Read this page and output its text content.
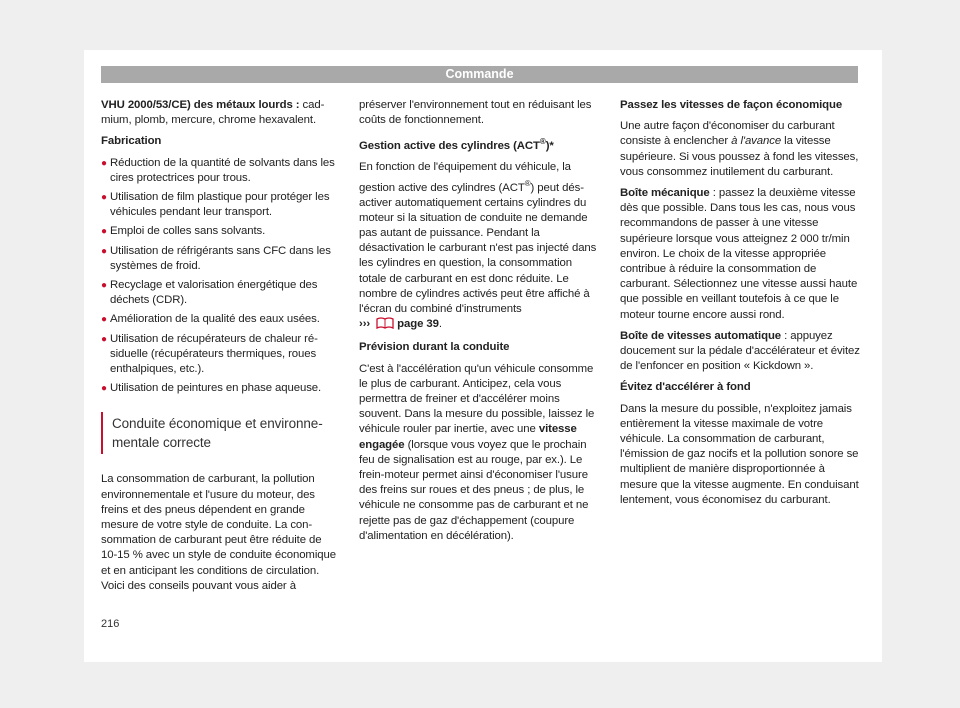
Commande

VHU 2000/53/CE) des métaux lourds : cadmium, plomb, mercure, chrome hexavalent.

Fabrication

● Réduction de la quantité de solvants dans les cires protectrices pour trous.
● Utilisation de film plastique pour protéger les véhicules pendant leur transport.
● Emploi de colles sans solvants.
● Utilisation de réfrigérants sans CFC dans les systèmes de froid.
● Recyclage et valorisation énergétique des déchets (CDR).
● Amélioration de la qualité des eaux usées.
● Utilisation de récupérateurs de chaleur résiduelle (récupérateurs thermiques, roues enthalpiques, etc.).
● Utilisation de peintures en phase aqueuse.
Conduite économique et environnementale correcte

La consommation de carburant, la pollution environnementale et l'usure du moteur, des freins et des pneus dépendent en grande mesure de votre style de conduite. La consommation de carburant peut être réduite de 10-15 % avec un style de conduite économique et en anticipant les conditions de circulation. Voici des conseils pouvant vous aider à

préserver l'environnement tout en réduisant les coûts de fonctionnement.

Gestion active des cylindres (ACT®)*

En fonction de l'équipement du véhicule, la gestion active des cylindres (ACT®) peut désactiver automatiquement certains cylindres du moteur si la situation de conduite ne demande pas autant de puissance. Pendant la désactivation le carburant n'est pas injecté dans les cylindres en question, la consommation totale de carburant en est donc réduite. Le nombre de cylindres activés peut être affiché à l'écran du combiné d'instruments
››› page 39.

Prévision durant la conduite

C'est à l'accélération qu'un véhicule consomme le plus de carburant. Anticipez, cela vous permettra de freiner et d'accélérer moins souvent. Dans la mesure du possible, laissez le véhicule rouler par inertie, avec une vitesse engagée (lorsque vous voyez que le prochain feu de signalisation est au rouge, par ex.). Le frein-moteur permet ainsi d'économiser l'usure des freins sur roues et des pneus ; de plus, le véhicule ne consomme pas de carburant et ne rejette pas de gaz d'échappement (coupure d'alimentation en décélération).

Passez les vitesses de façon économique

Une autre façon d'économiser du carburant consiste à enclencher à l'avance la vitesse supérieure. Si vous poussez à fond les vitesses, vous consommez inutilement du carburant.

Boîte mécanique : passez la deuxième vitesse dès que possible. Dans tous les cas, nous vous recommandons de passer à une vitesse supérieure lorsque vous atteignez 2 000 tr/min environ. Le choix de la vitesse appropriée contribue à réduire la consommation de carburant. Sélectionnez une vitesse aussi haute que possible en veillant toutefois à ce que le moteur tourne encore aussi rond.

Boîte de vitesses automatique : appuyez doucement sur la pédale d'accélérateur et évitez de l'enfoncer en position « Kickdown ».

Évitez d'accélérer à fond

Dans la mesure du possible, n'exploitez jamais entièrement la vitesse maximale de votre véhicule. La consommation de carburant, l'émission de gaz nocifs et la pollution sonore se multiplient de manière disproportionnée à mesure que la vitesse augmente. En conduisant lentement, vous économisez du carburant.

216
